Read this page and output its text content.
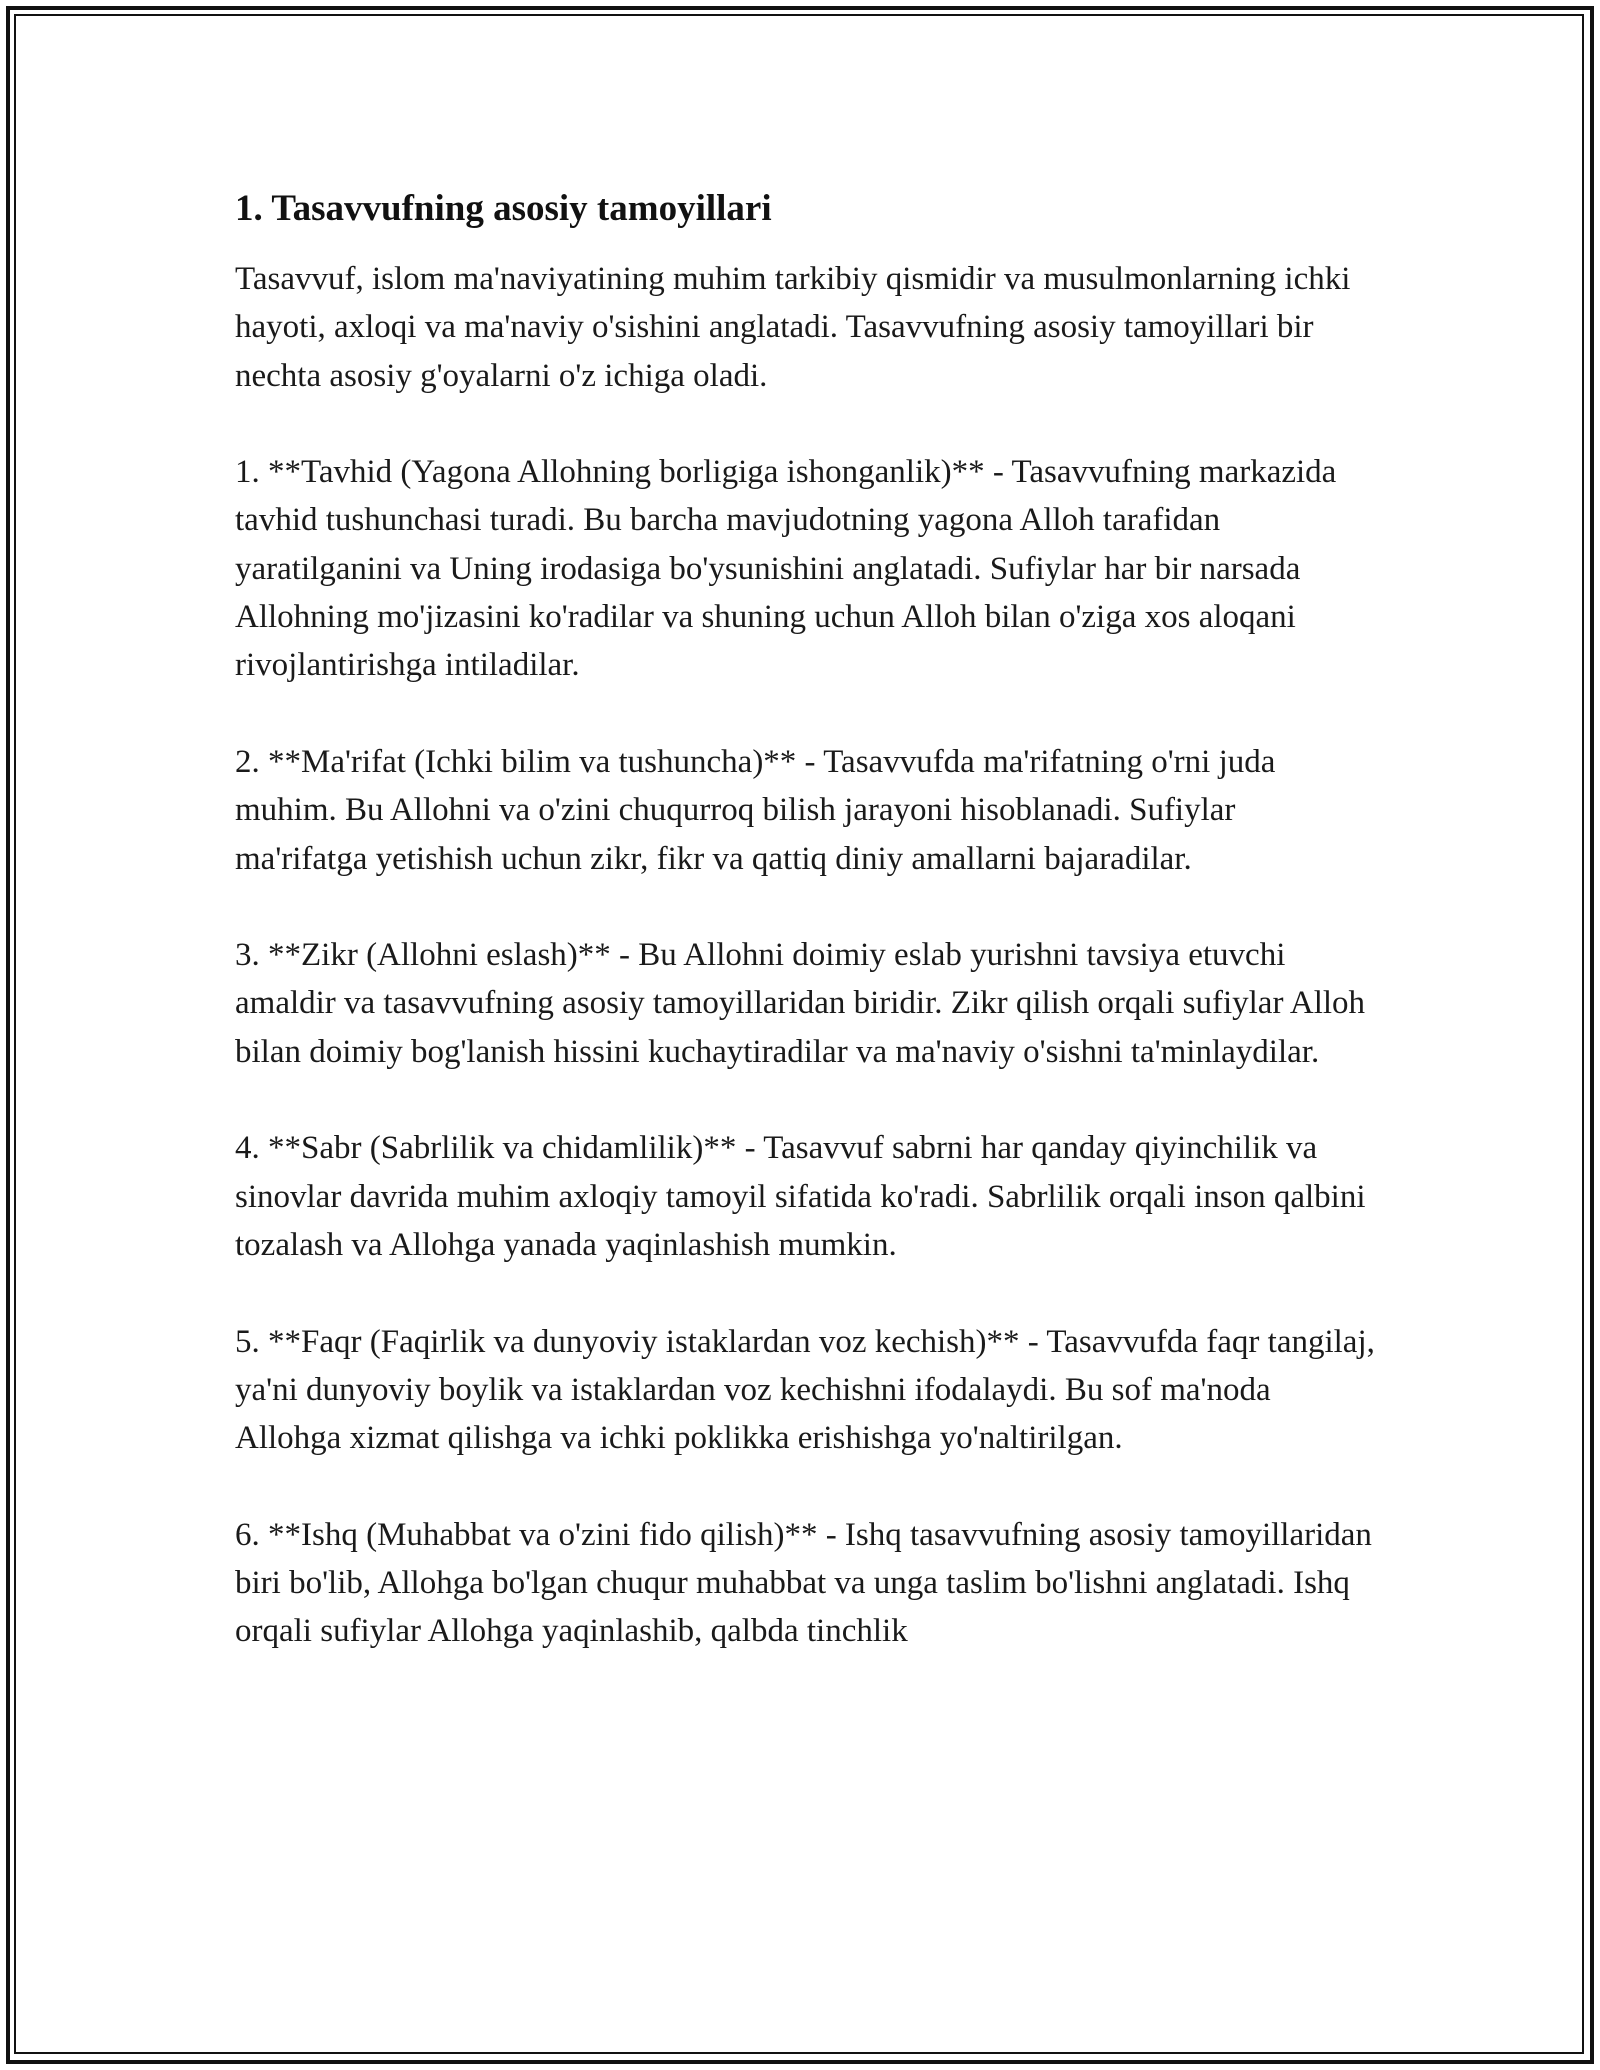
1. Tasavvufning asosiy tamoyillari

Tasavvuf, islom ma'naviyatining muhim tarkibiy qismidir va musulmonlarning ichki hayoti, axloqi va ma'naviy o'sishini anglatadi. Tasavvufning asosiy tamoyillari bir nechta asosiy g'oyalarni o'z ichiga oladi.

1. **Tavhid (Yagona Allohning borligiga ishonganlik)** - Tasavvufning markazida tavhid tushunchasi turadi. Bu barcha mavjudotning yagona Alloh tarafidan yaratilganini va Uning irodasiga bo'ysunishini anglatadi. Sufiylar har bir narsada Allohning mo'jizasini ko'radilar va shuning uchun Alloh bilan o'ziga xos aloqani rivojlantirishga intiladilar.

2. **Ma'rifat (Ichki bilim va tushuncha)** - Tasavvufda ma'rifatning o'rni juda muhim. Bu Allohni va o'zini chuqurroq bilish jarayoni hisoblanadi. Sufiylar ma'rifatga yetishish uchun zikr, fikr va qattiq diniy amallarni bajaradilar.

3. **Zikr (Allohni eslash)** - Bu Allohni doimiy eslab yurishni tavsiya etuvchi amaldir va tasavvufning asosiy tamoyillaridan biridir. Zikr qilish orqali sufiylar Alloh bilan doimiy bog'lanish hissini kuchaytiradilar va ma'naviy o'sishni ta'minlaydilar.

4. **Sabr (Sabrlilik va chidamlilik)** - Tasavvuf sabrni har qanday qiyinchilik va sinovlar davrida muhim axloqiy tamoyil sifatida ko'radi. Sabrlilik orqali inson qalbini tozalash va Allohga yanada yaqinlashish mumkin.

5. **Faqr (Faqirlik va dunyoviy istaklardan voz kechish)** - Tasavvufda faqr tangilaj, ya'ni dunyoviy boylik va istaklardan voz kechishni ifodalaydi. Bu sof ma'noda Allohga xizmat qilishga va ichki poklikka erishishga yo'naltirilgan.

6. **Ishq (Muhabbat va o'zini fido qilish)** - Ishq tasavvufning asosiy tamoyillaridan biri bo'lib, Allohga bo'lgan chuqur muhabbat va unga taslim bo'lishni anglatadi. Ishq orqali sufiylar Allohga yaqinlashib, qalbda tinchlik
